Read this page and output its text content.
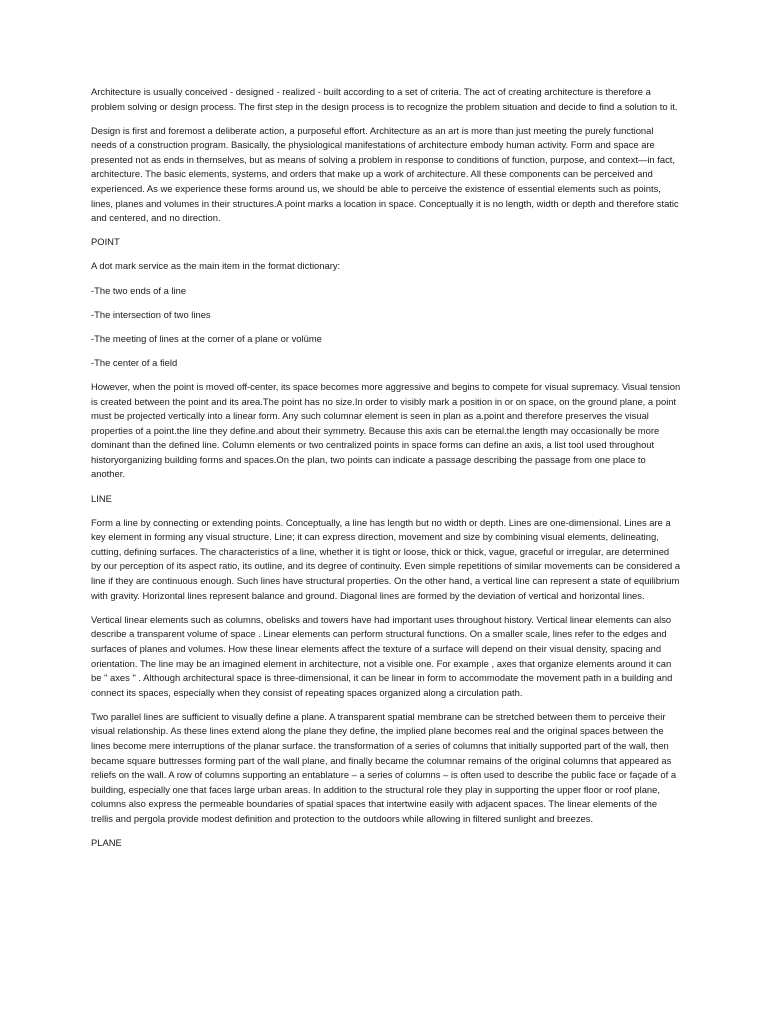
Architecture is usually conceived - designed - realized - built according to a set of criteria. The act of creating architecture is therefore a problem solving or design process. The first step in the design process is to recognize the problem situation and decide to find a solution to it.

Design is first and foremost a deliberate action, a purposeful effort. Architecture as an art is more than just meeting the purely functional needs of a construction program. Basically, the physiological manifestations of architecture embody human activity. Form and space are presented not as ends in themselves, but as means of solving a problem in response to conditions of function, purpose, and context—in fact, architecture. The basic elements, systems, and orders that make up a work of architecture. All these components can be perceived and experienced. As we experience these forms around us, we should be able to perceive the existence of essential elements such as points, lines, planes and volumes in their structures.A point marks a location in space. Conceptually it is no length, width or depth and therefore static and centered, and no direction.

POINT

A dot mark service as the main item in the format dictionary:

-The two ends of a line

-The intersection of two lines

-The meeting of lines at the corner of a plane or volüme

-The center of a field

However, when the point is moved off-center, its space becomes more aggressive and begins to compete for visual supremacy. Visual tension is created between the point and its area.The point has no size.In order to visibly mark a position in or on space, on the ground plane, a point must be projected vertically into a linear form. Any such columnar element is seen in plan as a.point and therefore preserves the visual properties of a point.the line they define.and about their symmetry. Because this axis can be eternal.the length may occasionally be more dominant than the defined line. Column elements or two centralized points in space forms can define an axis, a list tool used throughout historyorganizing building forms and spaces.On the plan, two points can indicate a passage describing the passage from one place to another.

LINE

Form a line by connecting or extending points. Conceptually, a line has length but no width or depth. Lines are one-dimensional. Lines are a key element in forming any visual structure. Line; it can express direction, movement and size by combining visual elements, delineating, cutting, defining surfaces. The characteristics of a line, whether it is tight or loose, thick or thick, vague, graceful or irregular, are determined by our perception of its aspect ratio, its outline, and its degree of continuity. Even simple repetitions of similar movements can be considered a line if they are continuous enough. Such lines have structural properties. On the other hand, a vertical line can represent a state of equilibrium with gravity. Horizontal lines represent balance and ground. Diagonal lines are formed by the deviation of vertical and horizontal lines.

Vertical linear elements such as columns, obelisks and towers have had important uses throughout history. Vertical linear elements can also describe a transparent volume of space . Linear elements can perform structural functions. On a smaller scale, lines refer to the edges and surfaces of planes and volumes. How these linear elements affect the texture of a surface will depend on their visual density, spacing and orientation. The line may be an imagined element in architecture, not a visible one. For example , axes that organize elements around it can be " axes " . Although architectural space is three-dimensional, it can be linear in form to accommodate the movement path in a building and connect its spaces, especially when they consist of repeating spaces organized along a circulation path.

Two parallel lines are sufficient to visually define a plane. A transparent spatial membrane can be stretched between them to perceive their visual relationship. As these lines extend along the plane they define, the implied plane becomes real and the original spaces between the lines become mere interruptions of the planar surface. the transformation of a series of columns that initially supported part of the wall, then became square buttresses forming part of the wall plane, and finally became the columnar remains of the original columns that appeared as reliefs on the wall. A row of columns supporting an entablature – a series of columns – is often used to describe the public face or façade of a building, especially one that faces large urban areas. In addition to the structural role they play in supporting the upper floor or roof plane, columns also express the permeable boundaries of spatial spaces that intertwine easily with adjacent spaces. The linear elements of the trellis and pergola provide modest definition and protection to the outdoors while allowing in filtered sunlight and breezes.

PLANE
